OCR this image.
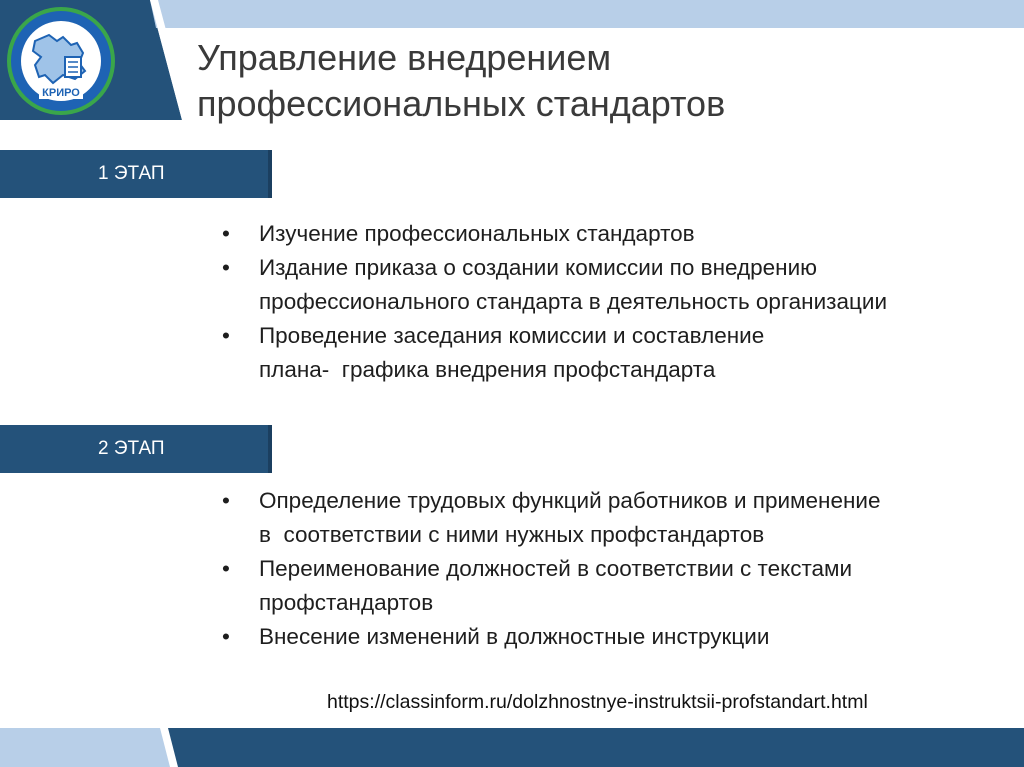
КРИРО
Управление внедрением
профессиональных стандартов
1 ЭТАП
•	Изучение профессиональных стандартов
•	Издание приказа о создании комиссии по внедрению
профессионального стандарта в деятельность организации
•	Проведение заседания комиссии и составление
плана-  графика внедрения профстандарта
2 ЭТАП
•	Определение трудовых функций работников и применение
в  соответствии с ними нужных профстандартов
•	Переименование должностей в соответствии с текстами
профстандартов
•	Внесение изменений в должностные инструкции
https://classinform.ru/dolzhnostnye-instruktsii-profstandart.html
